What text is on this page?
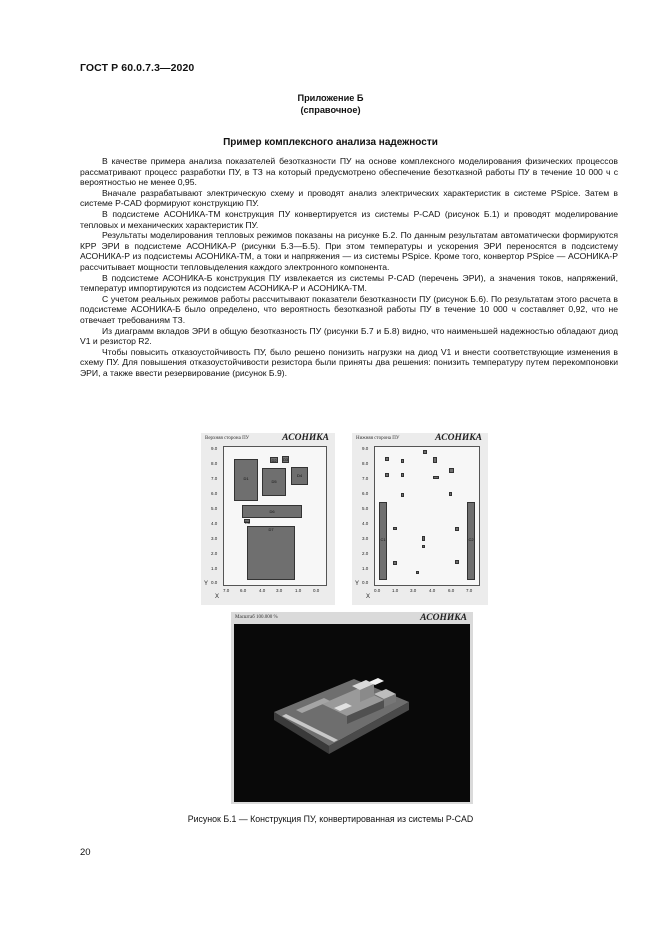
ГОСТ Р 60.0.7.3—2020
Приложение Б
(справочное)
Пример комплексного анализа надежности

В качестве примера анализа показателей безотказности ПУ на основе комплексного моделирования физических процессов рассматривают процесс разработки ПУ, в ТЗ на который предусмотрено обеспечение безотказной работы ПУ в течение 10 000 ч с вероятностью не менее 0,95.

Вначале разрабатывают электрическую схему и проводят анализ электрических характеристик в системе PSpice. Затем в системе P-CAD формируют конструкцию ПУ.

В подсистеме АСОНИКА-ТМ конструкция ПУ конвертируется из системы P-CAD (рисунок Б.1) и проводят моделирование тепловых и механических характеристик ПУ.

Результаты моделирования тепловых режимов показаны на рисунке Б.2. По данным результатам автоматически формируются КРР ЭРИ в подсистеме АСОНИКА-Р (рисунки Б.3—Б.5). При этом температуры и ускорения ЭРИ переносятся в подсистему АСОНИКА-Р из подсистемы АСОНИКА-ТМ, а токи и напряжения — из системы PSpice. Кроме того, конвертор PSpice — АСОНИКА-Р рассчитывает мощности тепловыделения каждого электронного компонента.

В подсистеме АСОНИКА-Б конструкция ПУ извлекается из системы P-CAD (перечень ЭРИ), а значения токов, напряжений, температур импортируются из подсистем АСОНИКА-Р и АСОНИКА-ТМ.

С учетом реальных режимов работы рассчитывают показатели безотказности ПУ (рисунок Б.6). По результатам этого расчета в подсистеме АСОНИКА-Б было определено, что вероятность безотказной работы ПУ в течение 10 000 ч составляет 0,92, что не отвечает требованиям ТЗ.

Из диаграмм вкладов ЭРИ в общую безотказность ПУ (рисунки Б.7 и Б.8) видно, что наименьшей надежностью обладают диод V1 и резистор R2.

Чтобы повысить отказоустойчивость ПУ, было решено понизить нагрузки на диод V1 и внести соответствующие изменения в схему ПУ. Для повышения отказоустойчивости резистора были приняты два решения: понизить температуру путем перекомпоновки ЭРИ, а также ввести резервирование (рисунок Б.9).

Верхняя сторона ПУ	АСОНИКА
D1
D2	D3
D4
D5
D6
D7
D8
9.0
8.0
7.0
6.0
5.0
4.0
3.0
2.0
1.0
0.0
7.0 6.0	4.0 3.0	1.0	0.0
Y
X
Нижняя сторона ПУ	АСОНИКА
C1	C2
9.0
8.0
7.0
6.0
5.0
4.0
3.0
2.0
1.0
0.0
0.0	1.0	3.0	4.0	6.0	7.0
Y
X
Масштаб 100.000 %	АСОНИКА
Рисунок Б.1 — Конструкция ПУ, конвертированная из системы P-CAD
20
